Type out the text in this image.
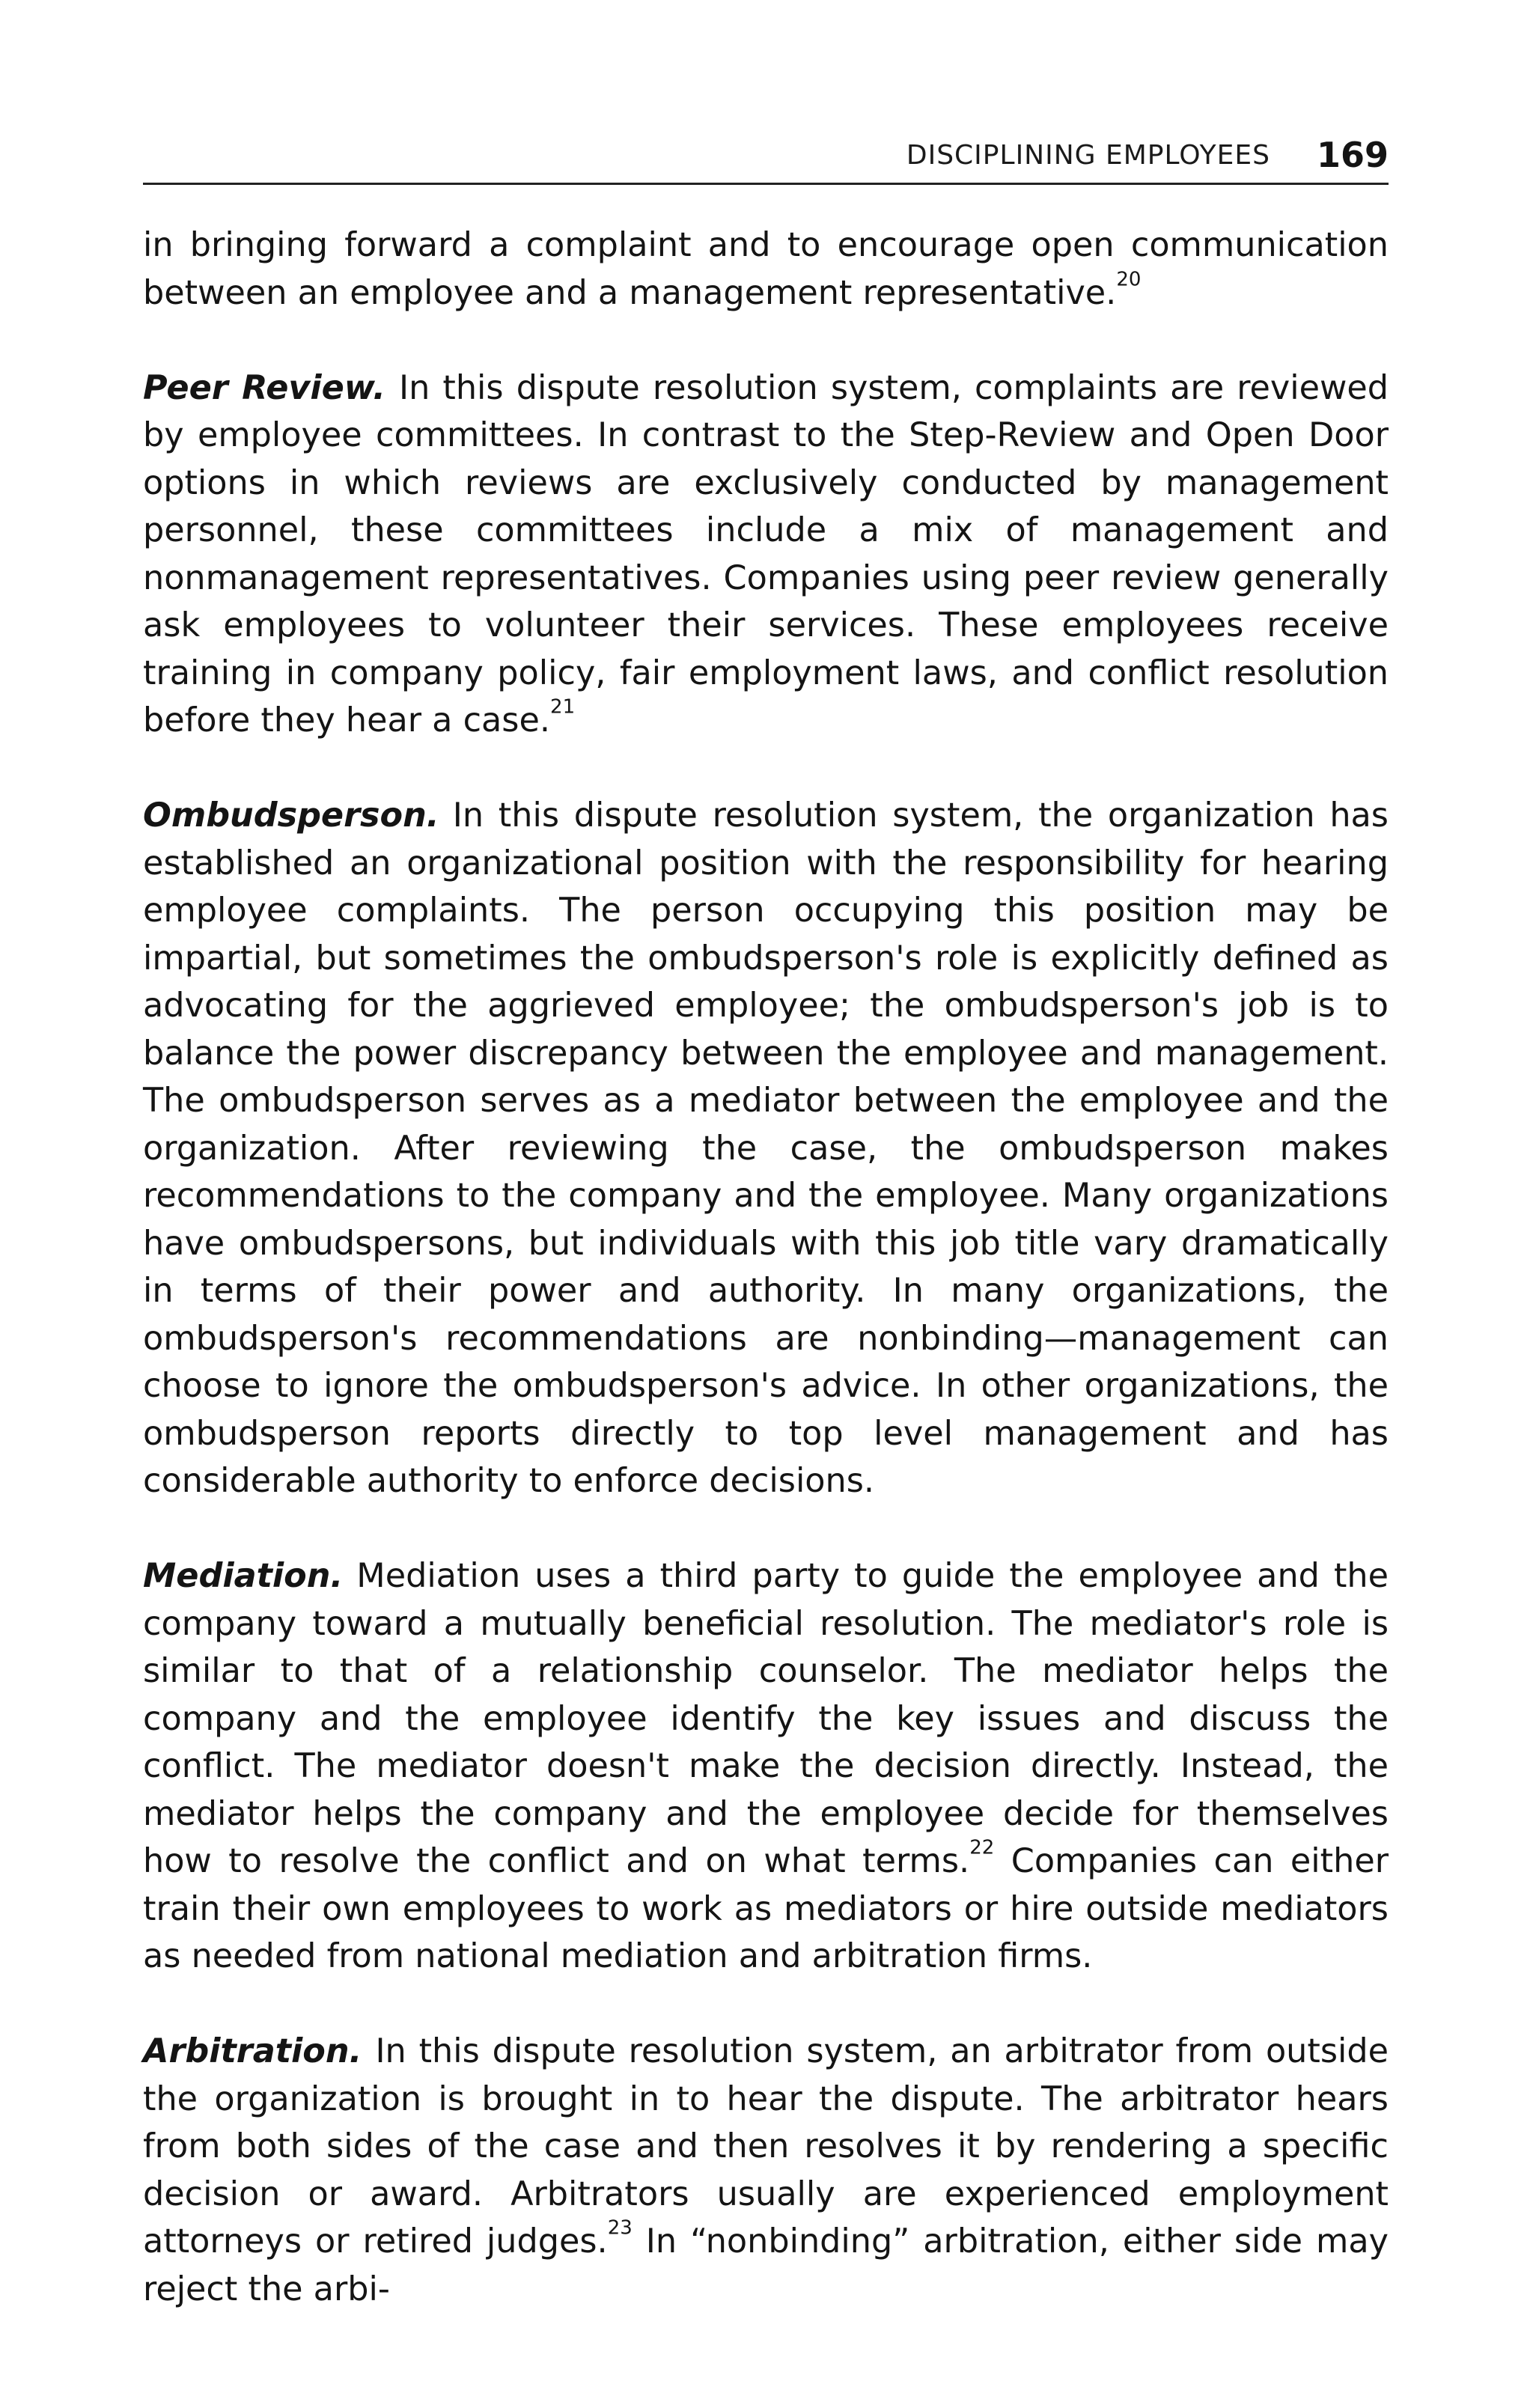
DISCIPLINING EMPLOYEES 169

in bringing forward a complaint and to encourage open communication between an employee and a management representative.$^{20}$

Peer Review. In this dispute resolution system, complaints are reviewed by employee committees. In contrast to the Step-Review and Open Door options in which reviews are exclusively conducted by management personnel, these committees include a mix of management and nonmanagement representatives. Companies using peer review generally ask employees to volunteer their services. These employees receive training in company policy, fair employment laws, and conflict resolution before they hear a case.$^{21}$

Ombudsperson. In this dispute resolution system, the organization has established an organizational position with the responsibility for hearing employee complaints. The person occupying this position may be impartial, but sometimes the ombudsperson's role is explicitly defined as advocating for the aggrieved employee; the ombudsperson's job is to balance the power discrepancy between the employee and management. The ombudsperson serves as a mediator between the employee and the organization. After reviewing the case, the ombudsperson makes recommendations to the company and the employee. Many organizations have ombudspersons, but individuals with this job title vary dramatically in terms of their power and authority. In many organizations, the ombudsperson's recommendations are nonbinding—management can choose to ignore the ombudsperson's advice. In other organizations, the ombudsperson reports directly to top level management and has considerable authority to enforce decisions.

Mediation. Mediation uses a third party to guide the employee and the company toward a mutually beneficial resolution. The mediator's role is similar to that of a relationship counselor. The mediator helps the company and the employee identify the key issues and discuss the conflict. The mediator doesn't make the decision directly. Instead, the mediator helps the company and the employee decide for themselves how to resolve the conflict and on what terms.$^{22}$ Companies can either train their own employees to work as mediators or hire outside mediators as needed from national mediation and arbitration firms.

Arbitration. In this dispute resolution system, an arbitrator from outside the organization is brought in to hear the dispute. The arbitrator hears from both sides of the case and then resolves it by rendering a specific decision or award. Arbitrators usually are experienced employment attorneys or retired judges.$^{23}$ In “nonbinding” arbitration, either side may reject the arbi-
